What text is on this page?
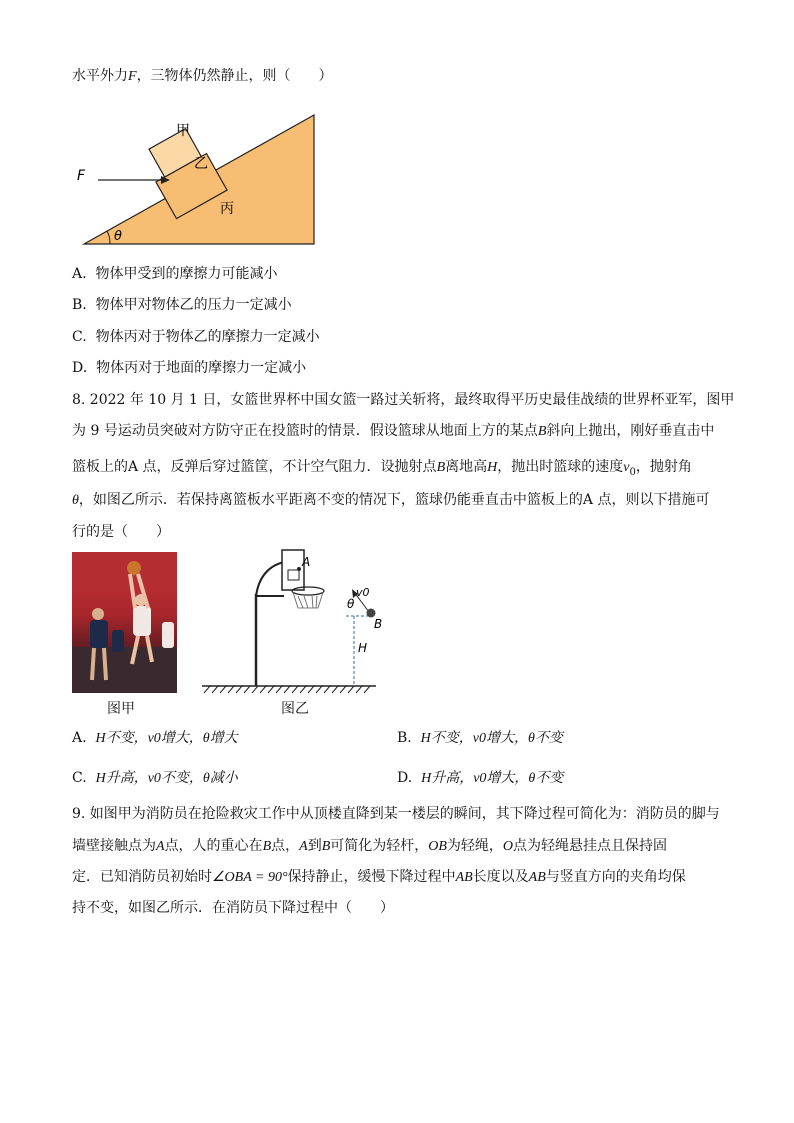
水平外力F，三物体仍然静止，则（　　）
甲
乙
丙
F
θ
A. 物体甲受到的摩擦力可能减小
B. 物体甲对物体乙的压力一定减小
C. 物体丙对于物体乙的摩擦力一定减小
D. 物体丙对于地面的摩擦力一定减小
8. 2022 年 10 月 1 日，女篮世界杯中国女篮一路过关斩将，最终取得平历史最佳战绩的世界杯亚军，图甲
为 9 号运动员突破对方防守正在投篮时的情景．假设篮球从地面上方的某点B斜向上抛出，刚好垂直击中
篮板上的A 点，反弹后穿过篮筐，不计空气阻力．设抛射点B离地高H，抛出时篮球的速度$v_0$，抛射角
θ，如图乙所示．若保持离篮板水平距离不变的情况下，篮球仍能垂直击中篮板上的A 点，则以下措施可
行的是（　　）
A
B
H
v0
θ
图甲	图乙
A. H不变，v0增大，θ增大	B. H不变，v0增大，θ不变
C. H升高，v0不变，θ减小	D. H升高，v0增大，θ不变
9. 如图甲为消防员在抢险救灾工作中从顶楼直降到某一楼层的瞬间，其下降过程可简化为：消防员的脚与
墙壁接触点为A点，人的重心在B点，A到B可简化为轻杆，OB为轻绳，O点为轻绳悬挂点且保持固
定．已知消防员初始时∠OBA = 90°保持静止，缓慢下降过程中AB长度以及AB与竖直方向的夹角均保
持不变，如图乙所示．在消防员下降过程中（　　）
